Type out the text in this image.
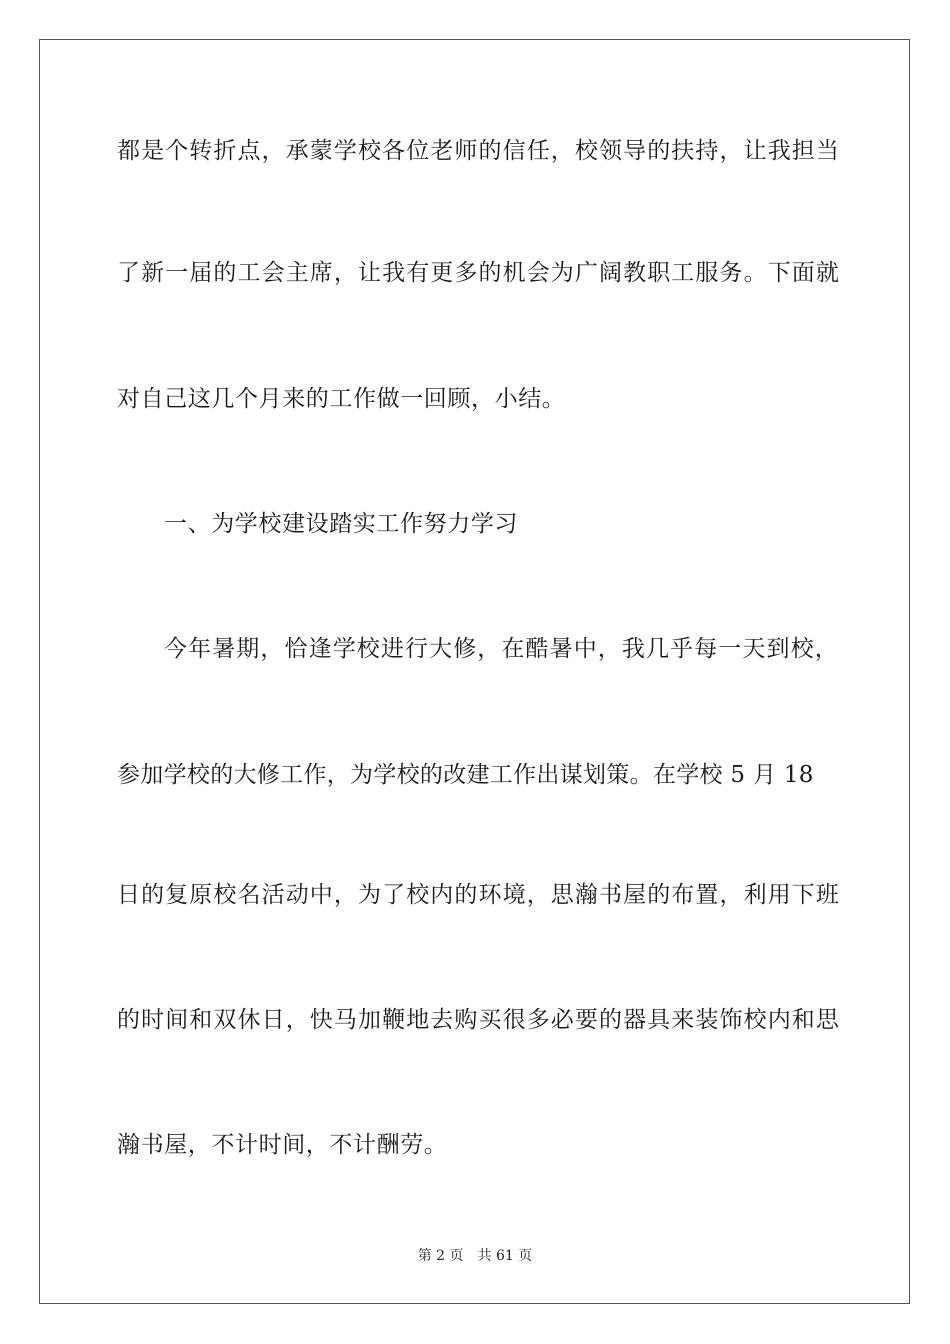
都是个转折点，承蒙学校各位老师的信任，校领导的扶持，让我担当
了新一届的工会主席，让我有更多的机会为广阔教职工服务。下面就
对自己这几个月来的工作做一回顾，小结。
一、为学校建设踏实工作努力学习
今年暑期，恰逢学校进行大修，在酷暑中，我几乎每一天到校，
参加学校的大修工作，为学校的改建工作出谋划策。在学校 5 月 18
日的复原校名活动中，为了校内的环境，思瀚书屋的布置，利用下班
的时间和双休日，快马加鞭地去购买很多必要的器具来装饰校内和思
瀚书屋，不计时间，不计酬劳。
第 2 页 共 61 页
